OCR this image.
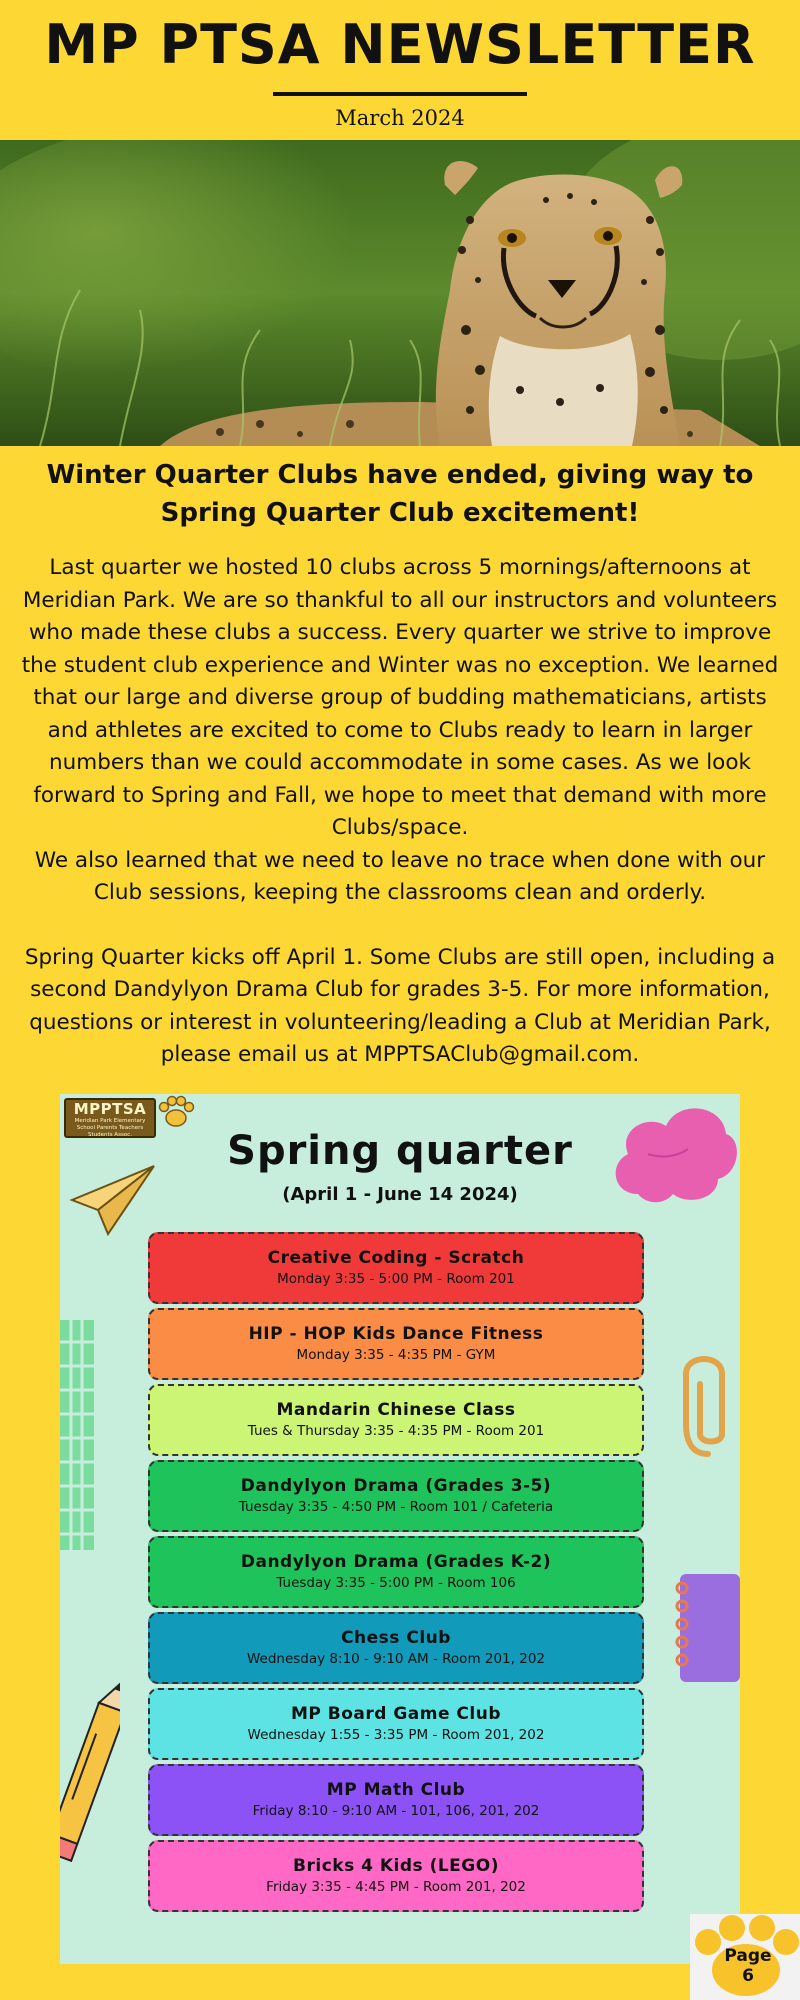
MP PTSA NEWSLETTER
March 2024
Winter Quarter Clubs have ended, giving way to Spring Quarter Club excitement!

Last quarter we hosted 10 clubs across 5 mornings/afternoons at Meridian Park. We are so thankful to all our instructors and volunteers who made these clubs a success. Every quarter we strive to improve the student club experience and Winter was no exception. We learned that our large and diverse group of budding mathematicians, artists and athletes are excited to come to Clubs ready to learn in larger numbers than we could accommodate in some cases. As we look forward to Spring and Fall, we hope to meet that demand with more Clubs/space.

We also learned that we need to leave no trace when done with our Club sessions, keeping the classrooms clean and orderly.

Spring Quarter kicks off April 1. Some Clubs are still open, including a second Dandylyon Drama Club for grades 3-5. For more information, questions or interest in volunteering/leading a Club at Meridian Park, please email us at MPPTSAClub@gmail.com.

MPPTSA
Meridian Park Elementary School Parents Teachers Students Assoc.	Spring quarter
(April 1 - June 14 2024)
Creative Coding - Scratch
Monday 3:35 - 5:00 PM - Room 201
HIP - HOP Kids Dance Fitness
Monday 3:35 - 4:35 PM - GYM
Mandarin Chinese Class
Tues & Thursday 3:35 - 4:35 PM - Room 201
Dandylyon Drama (Grades 3-5)
Tuesday 3:35 - 4:50 PM - Room 101 / Cafeteria
Dandylyon Drama (Grades K-2)
Tuesday 3:35 - 5:00 PM - Room 106
Chess Club
Wednesday 8:10 - 9:10 AM - Room 201, 202
MP Board Game Club
Wednesday 1:55 - 3:35 PM - Room 201, 202
MP Math Club
Friday 8:10 - 9:10 AM - 101, 106, 201, 202
Bricks 4 Kids (LEGO)
Friday 3:35 - 4:45 PM - Room 201, 202
Page 6
